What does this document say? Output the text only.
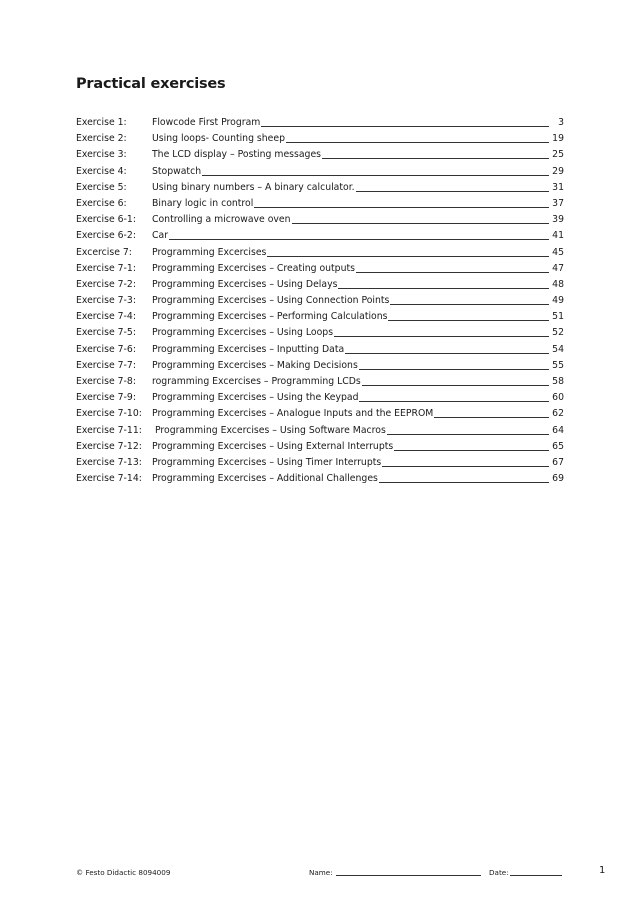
Practical exercises
Exercise 1:	Flowcode First Program	3
Exercise 2:	Using loops- Counting sheep	19
Exercise 3:	The LCD display – Posting messages	25
Exercise 4:	Stopwatch	29
Exercise 5:	Using binary numbers – A binary calculator.	31
Exercise 6:	Binary logic in control	37
Exercise 6-1: Controlling a microwave oven	39
Exercise 6-2: Car	41
Excercise 7: Programming Excercises	45
Exercise 7-1: Programming Excercises – Creating outputs	47
Exercise 7-2: Programming Excercises – Using Delays	48
Exercise 7-3: Programming Excercises – Using Connection Points	49
Exercise 7-4: Programming Excercises – Performing Calculations	51
Exercise 7-5: Programming Excercises – Using Loops	52
Exercise 7-6: Programming Excercises – Inputting Data	54
Exercise 7-7: Programming Excercises – Making Decisions	55
Exercise 7-8: rogramming Excercises – Programming LCDs	58
Exercise 7-9: Programming Excercises – Using the Keypad	60
Exercise 7-10: Programming Excercises – Analogue Inputs and the EEPROM	62
Exercise 7-11: Programming Excercises – Using Software Macros	64
Exercise 7-12: Programming Excercises – Using External Interrupts	65
Exercise 7-13: Programming Excercises – Using Timer Interrupts	67
Exercise 7-14: Programming Excercises – Additional Challenges	69
© Festo Didactic 8094009	Name:	Date:	1
